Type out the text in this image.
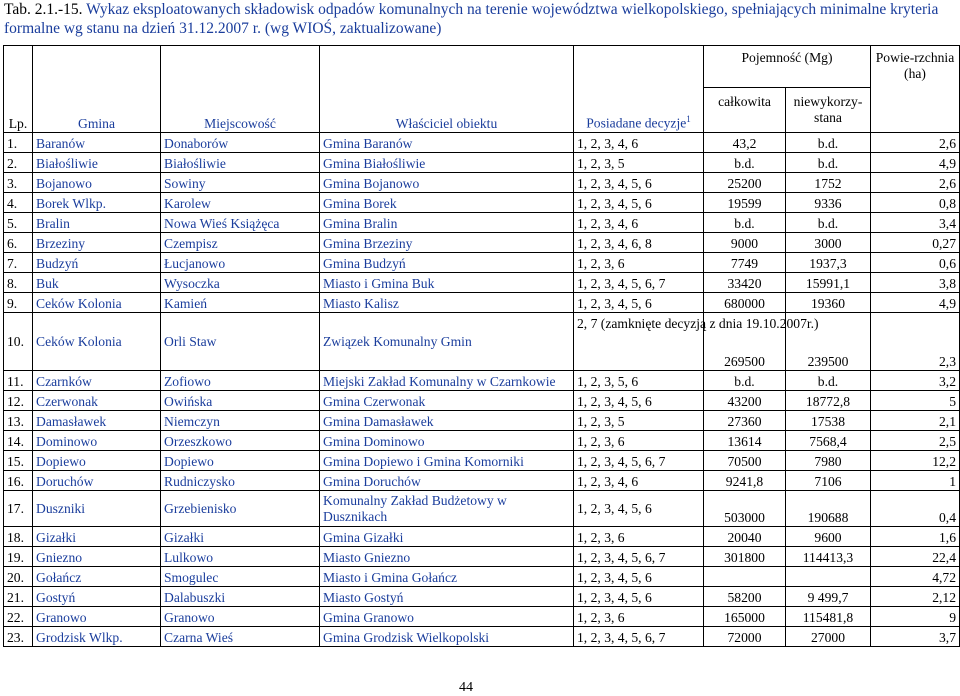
Tab. 2.1.-15. Wykaz eksploatowanych składowisk odpadów komunalnych na terenie województwa wielkopolskiego, spełniających minimalne kryteria formalne wg stanu na dzień 31.12.2007 r. (wg WIOŚ, zaktualizowane)
Lp.	Gmina	Miejscowość	Właściciel obiektu	Posiadane decyzje$^1$	Pojemność (Mg)		Powie-rzchnia (ha)
					całkowita	niewykorzy-stana	
1.	Baranów	Donaborów	Gmina Baranów	1, 2, 3, 4, 6	43,2	b.d.	2,6
2.	Białośliwie	Białośliwie	Gmina Białośliwie	1, 2, 3, 5	b.d.	b.d.	4,9
3.	Bojanowo	Sowiny	Gmina Bojanowo	1, 2, 3, 4, 5, 6	25200	1752	2,6
4.	Borek Wlkp.	Karolew	Gmina Borek	1, 2, 3, 4, 5, 6	19599	9336	0,8
5.	Bralin	Nowa Wieś Książęca	Gmina Bralin	1, 2, 3, 4, 6	b.d.	b.d.	3,4
6.	Brzeziny	Czempisz	Gmina Brzeziny	1, 2, 3, 4, 6, 8	9000	3000	0,27
7.	Budzyń	Łucjanowo	Gmina Budzyń	1, 2, 3, 6	7749	1937,3	0,6
8.	Buk	Wysoczka	Miasto i Gmina Buk	1, 2, 3, 4, 5, 6, 7	33420	15991,1	3,8
9.	Ceków Kolonia	Kamień	Miasto Kalisz	1, 2, 3, 4, 5, 6	680000	19360	4,9
10.	Ceków Kolonia	Orli Staw	Związek Komunalny Gmin	2, 7 (zamknięte decyzją z dnia 19.10.2007r.)	269500	239500	2,3
11.	Czarnków	Zofiowo	Miejski Zakład Komunalny w Czarnkowie	1, 2, 3, 5, 6	b.d.	b.d.	3,2
12.	Czerwonak	Owińska	Gmina Czerwonak	1, 2, 3, 4, 5, 6	43200	18772,8	5
13.	Damasławek	Niemczyn	Gmina Damasławek	1, 2, 3, 5	27360	17538	2,1
14.	Dominowo	Orzeszkowo	Gmina Dominowo	1, 2, 3, 6	13614	7568,4	2,5
15.	Dopiewo	Dopiewo	Gmina Dopiewo i Gmina Komorniki	1, 2, 3, 4, 5, 6, 7	70500	7980	12,2
16.	Doruchów	Rudniczysko	Gmina Doruchów	1, 2, 3, 4, 6	9241,8	7106	1
17.	Duszniki	Grzebienisko	Komunalny Zakład Budżetowy w Dusznikach	1, 2, 3, 4, 5, 6	503000	190688	0,4
18.	Gizałki	Gizałki	Gmina Gizałki	1, 2, 3, 6	20040	9600	1,6
19.	Gniezno	Lulkowo	Miasto Gniezno	1, 2, 3, 4, 5, 6, 7	301800	114413,3	22,4
20.	Gołańcz	Smogulec	Miasto i Gmina Gołańcz	1, 2, 3, 4, 5, 6			4,72
21.	Gostyń	Dalabuszki	Miasto Gostyń	1, 2, 3, 4, 5, 6	58200	9 499,7	2,12
22.	Granowo	Granowo	Gmina Granowo	1, 2, 3, 6	165000	115481,8	9
23.	Grodzisk Wlkp.	Czarna Wieś	Gmina Grodzisk Wielkopolski	1, 2, 3, 4, 5, 6, 7	72000	27000	3,7
44
